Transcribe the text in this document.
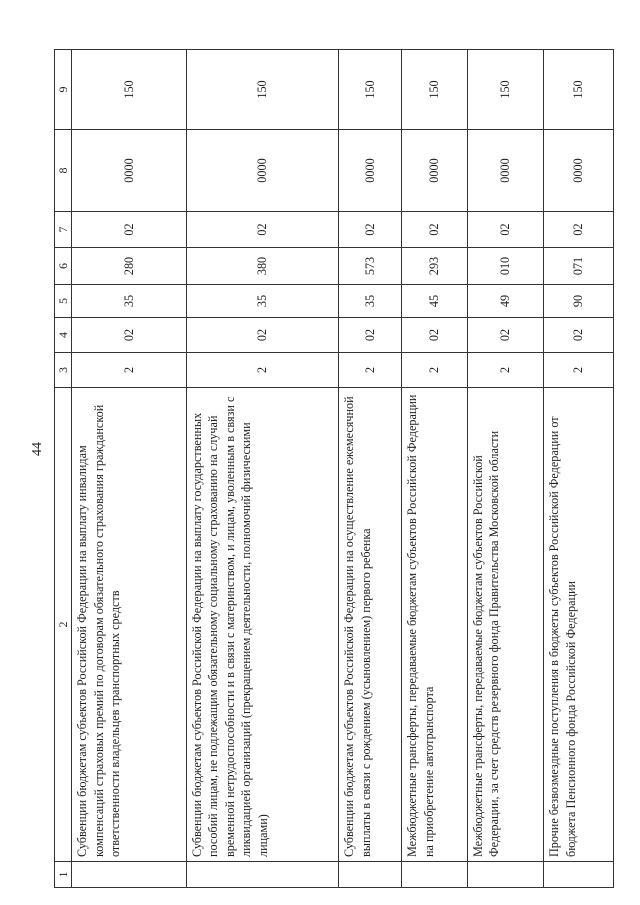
44
1	2	3	4	5	6	7	8	9
	Субвенции бюджетам субъектов Российской Федерации на выплату инвалидам компенсаций страховых премий по договорам обязательного страхования гражданской ответственности владельцев транспортных средств	2	02	35	280	02	0000	150
	Субвенции бюджетам субъектов Российской Федерации на выплату государственных пособий лицам, не подлежащим обязательному социальному страхованию на случай временной нетрудоспособности и в связи с материнством, и лицам, уволенным в связи с ликвидацией организаций (прекращением деятельности, полномочий физическими лицами)	2	02	35	380	02	0000	150
	Субвенции бюджетам субъектов Российской Федерации на осуществление ежемесячной выплаты в связи с рождением (усыновлением) первого ребенка	2	02	35	573	02	0000	150
	Межбюджетные трансферты, передаваемые бюджетам субъектов Российской Федерации на приобретение автотранспорта	2	02	45	293	02	0000	150
	Межбюджетные трансферты, передаваемые бюджетам субъектов Российской Федерации, за счет средств резервного фонда Правительства Московской области	2	02	49	010	02	0000	150
	Прочие безвозмездные поступления в бюджеты субъектов Российской Федерации от бюджета Пенсионного фонда Российской Федерации	2	02	90	071	02	0000	150
